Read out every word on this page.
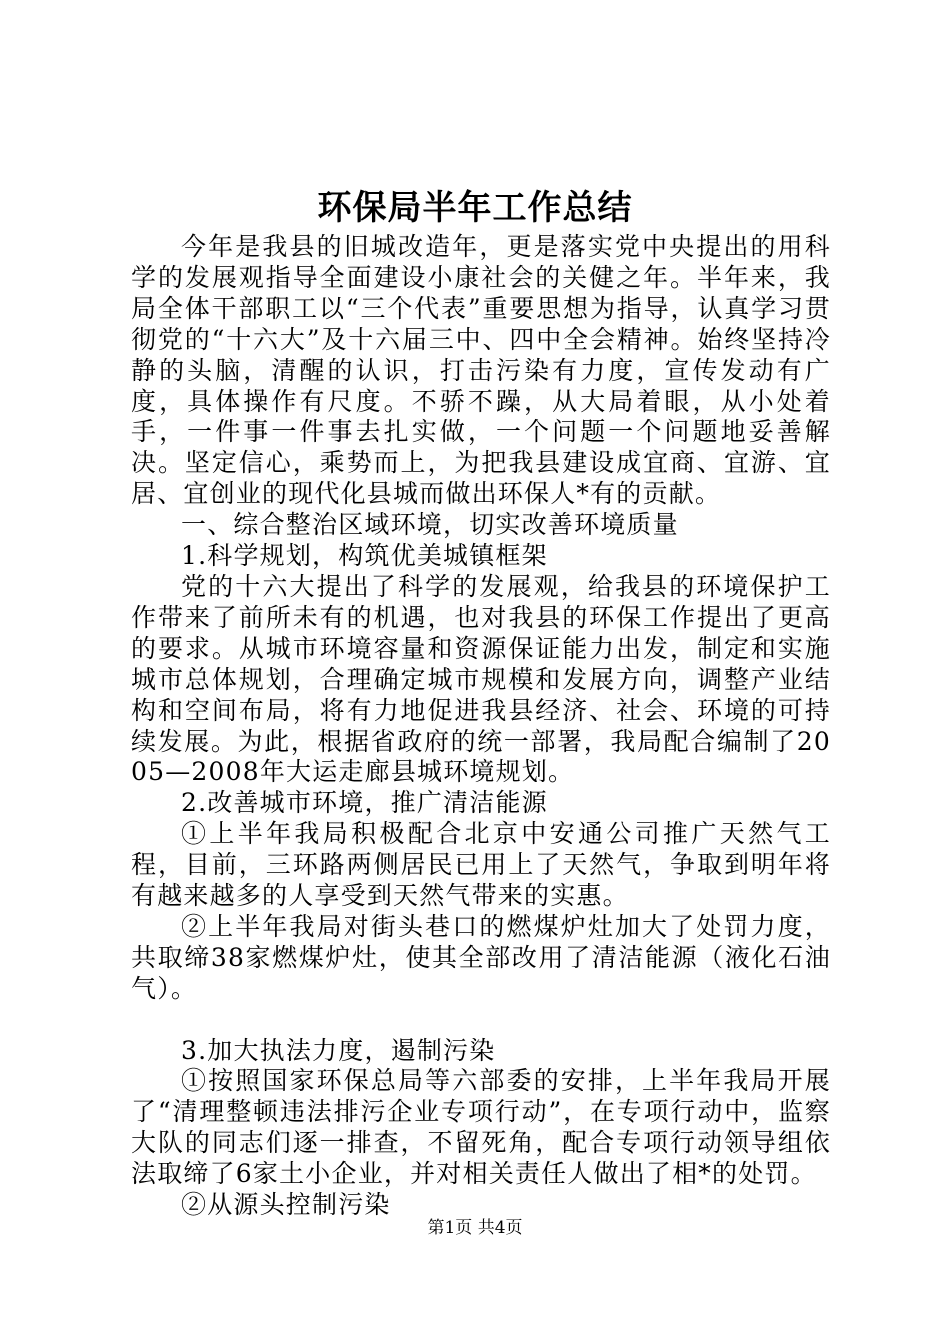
环保局半年工作总结

今年是我县的旧城改造年，更是落实党中央提出的用科学的发展观指导全面建设小康社会的关健之年。半年来，我局全体干部职工以“三个代表”重要思想为指导，认真学习贯彻党的“十六大”及十六届三中、四中全会精神。始终坚持冷静的头脑，清醒的认识，打击污染有力度，宣传发动有广度，具体操作有尺度。不骄不躁，从大局着眼，从小处着手，一件事一件事去扎实做，一个问题一个问题地妥善解决。坚定信心，乘势而上，为把我县建设成宜商、宜游、宜居、宜创业的现代化县城而做出环保人*有的贡献。

一、综合整治区域环境，切实改善环境质量

1.科学规划，构筑优美城镇框架

党的十六大提出了科学的发展观，给我县的环境保护工作带来了前所未有的机遇，也对我县的环保工作提出了更高的要求。从城市环境容量和资源保证能力出发，制定和实施城市总体规划，合理确定城市规模和发展方向，调整产业结构和空间布局，将有力地促进我县经济、社会、环境的可持续发展。为此，根据省政府的统一部署，我局配合编制了2005—2008年大运走廊县城环境规划。

2.改善城市环境，推广清洁能源

①上半年我局积极配合北京中安通公司推广天然气工程，目前，三环路两侧居民已用上了天然气，争取到明年将有越来越多的人享受到天然气带来的实惠。

②上半年我局对街头巷口的燃煤炉灶加大了处罚力度，共取缔38家燃煤炉灶，使其全部改用了清洁能源（液化石油气）。

3.加大执法力度，遏制污染

①按照国家环保总局等六部委的安排，上半年我局开展了“清理整顿违法排污企业专项行动”，在专项行动中，监察大队的同志们逐一排查，不留死角，配合专项行动领导组依法取缔了6家土小企业，并对相关责任人做出了相*的处罚。

②从源头控制污染

第1页 共4页
